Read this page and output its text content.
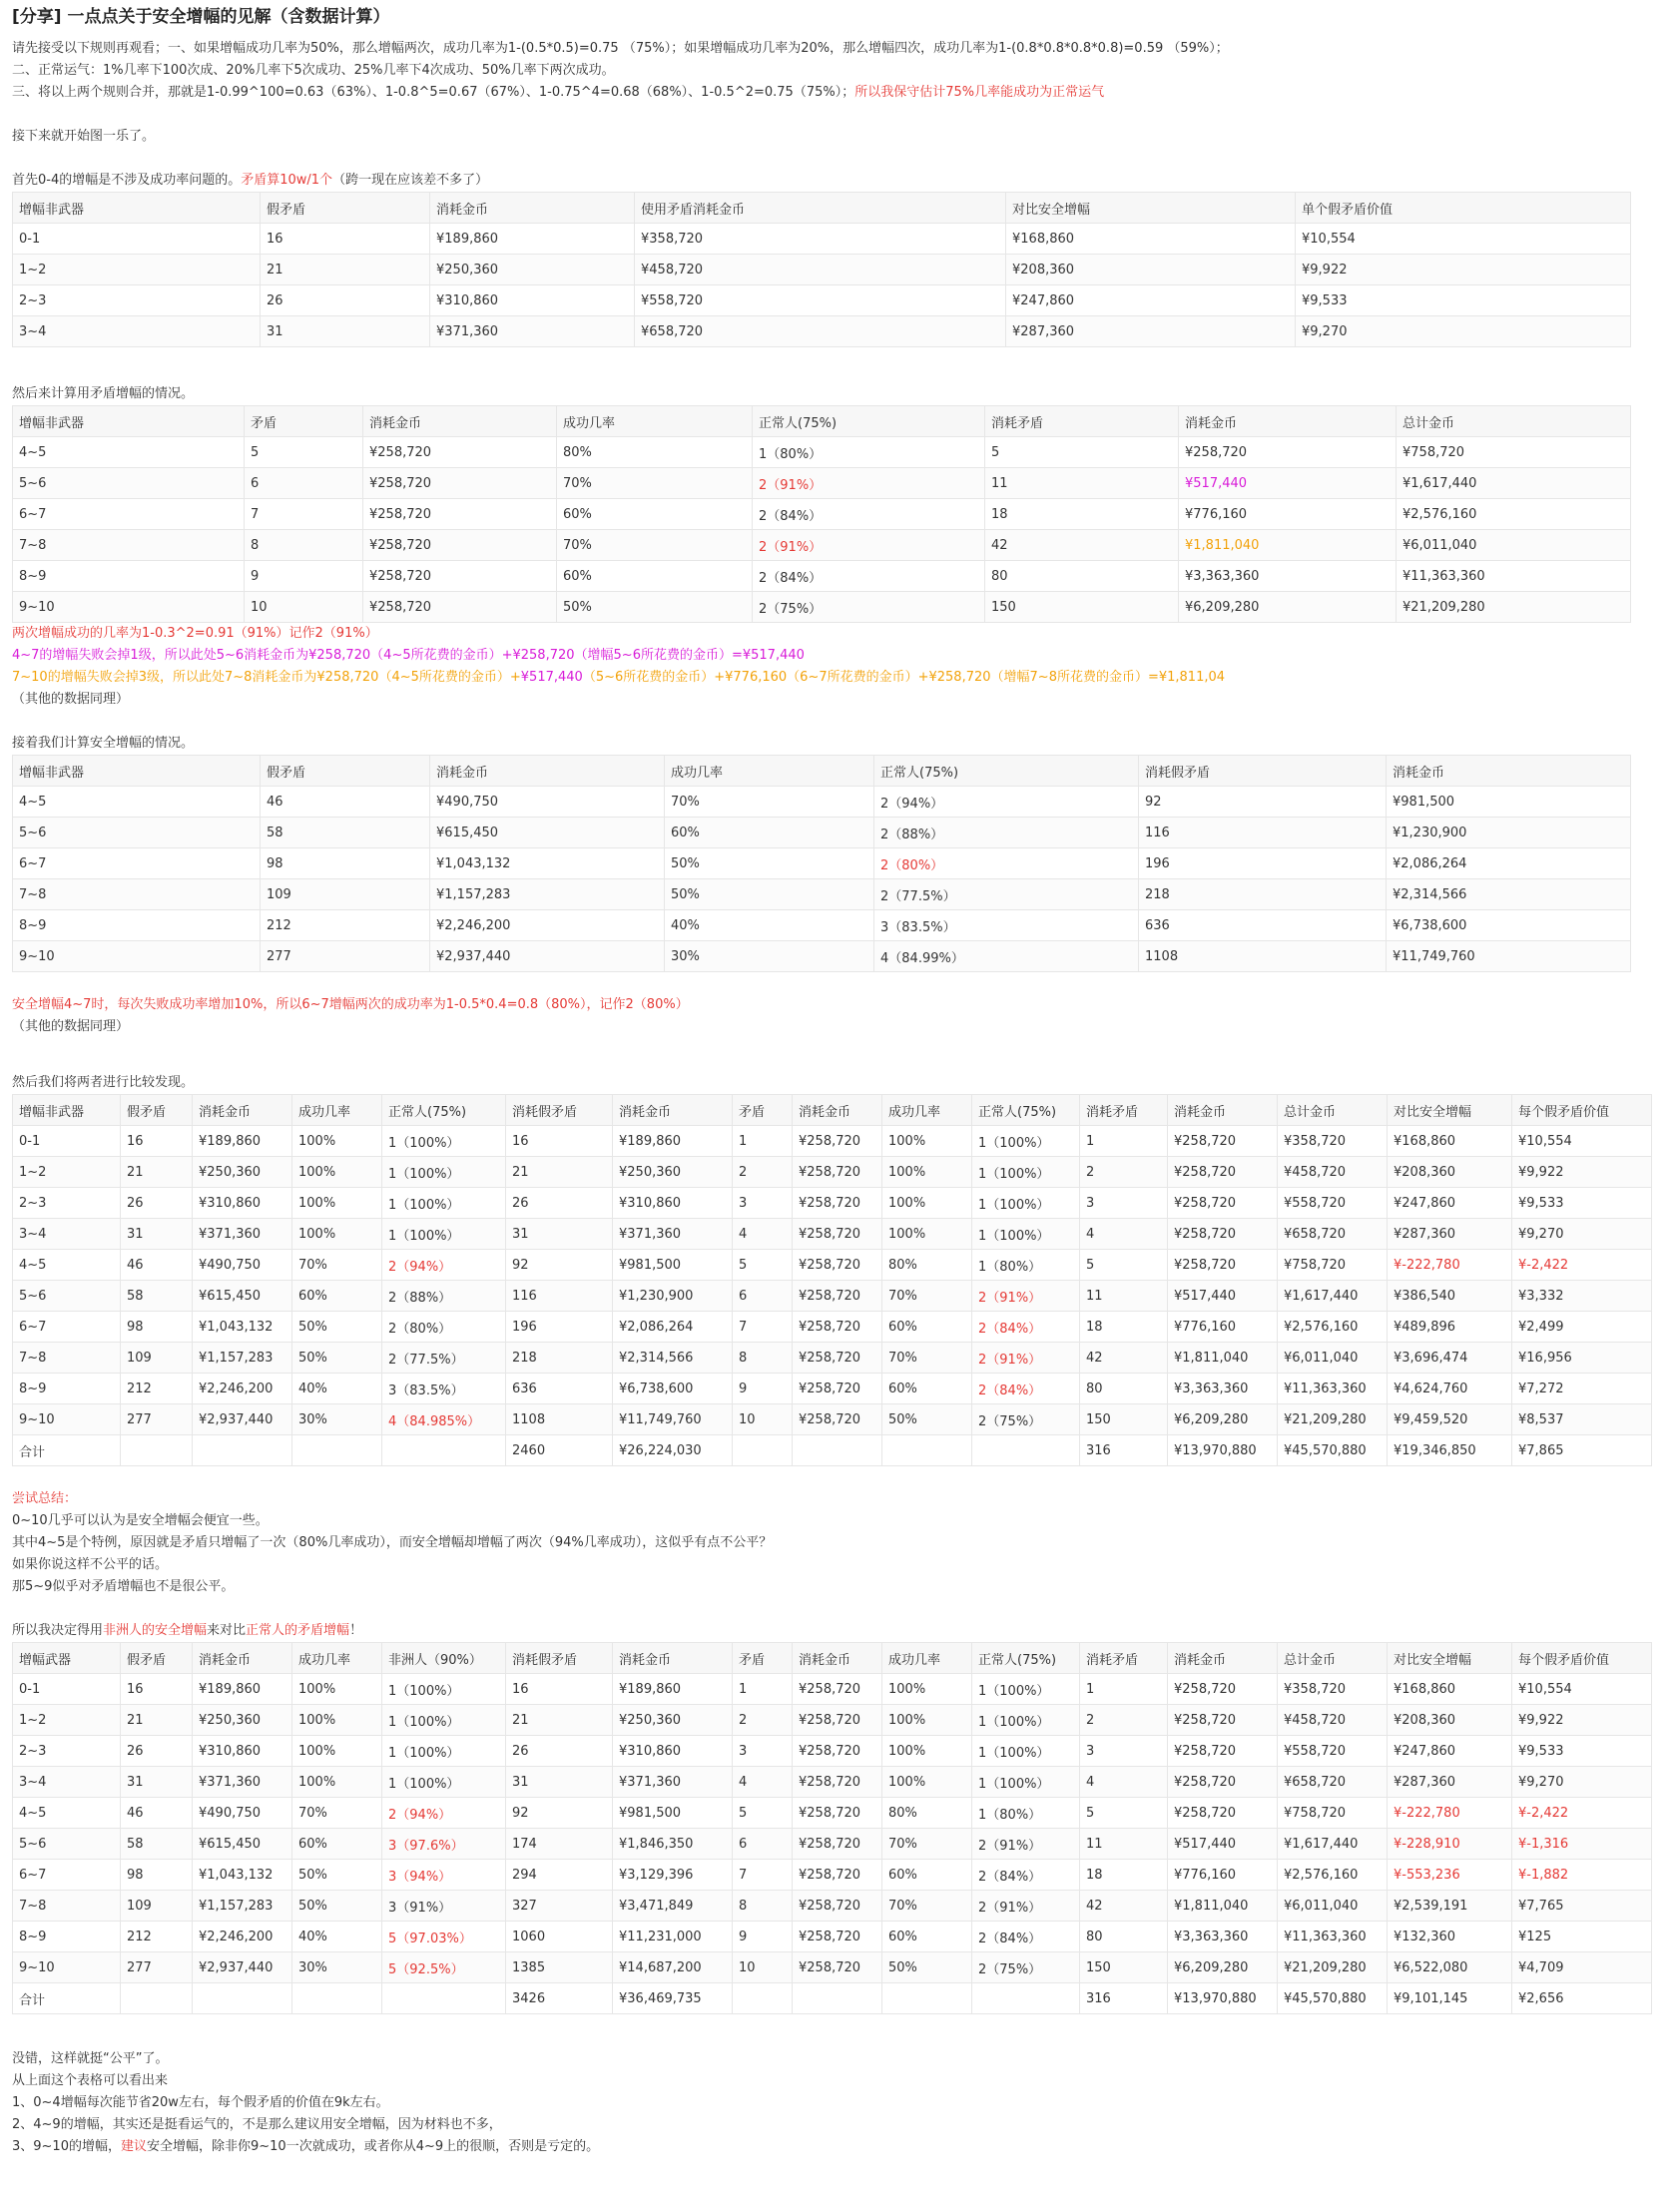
[分享] 一点点关于安全增幅的见解（含数据计算）
请先接受以下规则再观看；一、如果增幅成功几率为50%，那么增幅两次，成功几率为1-(0.5*0.5)=0.75 （75%）；如果增幅成功几率为20%，那么增幅四次，成功几率为1-(0.8*0.8*0.8*0.8)=0.59 （59%）；
二、正常运气：1%几率下100次成、20%几率下5次成功、25%几率下4次成功、50%几率下两次成功。
三、将以上两个规则合并，那就是1-0.99^100=0.63（63%）、1-0.8^5=0.67（67%）、1-0.75^4=0.68（68%）、1-0.5^2=0.75（75%）；所以我保守估计75%几率能成功为正常运气

接下来就开始图一乐了。

首先0-4的增幅是不涉及成功率问题的。矛盾算10w/1个（跨一现在应该差不多了）
增幅非武器	假矛盾	消耗金币	使用矛盾消耗金币	对比安全增幅	单个假矛盾价值
0-1	16	¥189,860	¥358,720	¥168,860	¥10,554
1~2	21	¥250,360	¥458,720	¥208,360	¥9,922
2~3	26	¥310,860	¥558,720	¥247,860	¥9,533
3~4	31	¥371,360	¥658,720	¥287,360	¥9,270

然后来计算用矛盾增幅的情况。
增幅非武器	矛盾	消耗金币	成功几率	正常人(75%)	消耗矛盾	消耗金币	总计金币
4~5	5	¥258,720	80%	1（80%）	5	¥258,720	¥758,720
5~6	6	¥258,720	70%	2（91%）	11	¥517,440	¥1,617,440
6~7	7	¥258,720	60%	2（84%）	18	¥776,160	¥2,576,160
7~8	8	¥258,720	70%	2（91%）	42	¥1,811,040	¥6,011,040
8~9	9	¥258,720	60%	2（84%）	80	¥3,363,360	¥11,363,360
9~10	10	¥258,720	50%	2（75%）	150	¥6,209,280	¥21,209,280
两次增幅成功的几率为1-0.3^2=0.91（91%）记作2（91%）
4~7的增幅失败会掉1级，所以此处5~6消耗金币为¥258,720（4~5所花费的金币）+¥258,720（增幅5~6所花费的金币）=¥517,440
7~10的增幅失败会掉3级，所以此处7~8消耗金币为¥258,720（4~5所花费的金币）+¥517,440（5~6所花费的金币）+¥776,160（6~7所花费的金币）+¥258,720（增幅7~8所花费的金币）=¥1,811,04
（其他的数据同理）

接着我们计算安全增幅的情况。
增幅非武器	假矛盾	消耗金币	成功几率	正常人(75%)	消耗假矛盾	消耗金币
4~5	46	¥490,750	70%	2（94%）	92	¥981,500
5~6	58	¥615,450	60%	2（88%）	116	¥1,230,900
6~7	98	¥1,043,132	50%	2（80%）	196	¥2,086,264
7~8	109	¥1,157,283	50%	2（77.5%）	218	¥2,314,566
8~9	212	¥2,246,200	40%	3（83.5%）	636	¥6,738,600
9~10	277	¥2,937,440	30%	4（84.99%）	1108	¥11,749,760

安全增幅4~7时，每次失败成功率增加10%，所以6~7增幅两次的成功率为1-0.5*0.4=0.8（80%），记作2（80%）
（其他的数据同理）

然后我们将两者进行比较发现。
增幅非武器	假矛盾	消耗金币	成功几率	正常人(75%)	消耗假矛盾	消耗金币	矛盾	消耗金币	成功几率	正常人(75%)	消耗矛盾	消耗金币	总计金币	对比安全增幅	每个假矛盾价值
0-1	16	¥189,860	100%	1（100%）	16	¥189,860	1	¥258,720	100%	1（100%）	1	¥258,720	¥358,720	¥168,860	¥10,554
1~2	21	¥250,360	100%	1（100%）	21	¥250,360	2	¥258,720	100%	1（100%）	2	¥258,720	¥458,720	¥208,360	¥9,922
2~3	26	¥310,860	100%	1（100%）	26	¥310,860	3	¥258,720	100%	1（100%）	3	¥258,720	¥558,720	¥247,860	¥9,533
3~4	31	¥371,360	100%	1（100%）	31	¥371,360	4	¥258,720	100%	1（100%）	4	¥258,720	¥658,720	¥287,360	¥9,270
4~5	46	¥490,750	70%	2（94%）	92	¥981,500	5	¥258,720	80%	1（80%）	5	¥258,720	¥758,720	¥-222,780	¥-2,422
5~6	58	¥615,450	60%	2（88%）	116	¥1,230,900	6	¥258,720	70%	2（91%）	11	¥517,440	¥1,617,440	¥386,540	¥3,332
6~7	98	¥1,043,132	50%	2（80%）	196	¥2,086,264	7	¥258,720	60%	2（84%）	18	¥776,160	¥2,576,160	¥489,896	¥2,499
7~8	109	¥1,157,283	50%	2（77.5%）	218	¥2,314,566	8	¥258,720	70%	2（91%）	42	¥1,811,040	¥6,011,040	¥3,696,474	¥16,956
8~9	212	¥2,246,200	40%	3（83.5%）	636	¥6,738,600	9	¥258,720	60%	2（84%）	80	¥3,363,360	¥11,363,360	¥4,624,760	¥7,272
9~10	277	¥2,937,440	30%	4（84.985%）	1108	¥11,749,760	10	¥258,720	50%	2（75%）	150	¥6,209,280	¥21,209,280	¥9,459,520	¥8,537
合计					2460	¥26,224,030					316	¥13,970,880	¥45,570,880	¥19,346,850	¥7,865

尝试总结：
0~10几乎可以认为是安全增幅会便宜一些。
其中4~5是个特例，原因就是矛盾只增幅了一次（80%几率成功），而安全增幅却增幅了两次（94%几率成功），这似乎有点不公平？
如果你说这样不公平的话。
那5~9似乎对矛盾增幅也不是很公平。

所以我决定得用非洲人的安全增幅来对比正常人的矛盾增幅！
增幅武器	假矛盾	消耗金币	成功几率	非洲人（90%）	消耗假矛盾	消耗金币	矛盾	消耗金币	成功几率	正常人(75%)	消耗矛盾	消耗金币	总计金币	对比安全增幅	每个假矛盾价值
0-1	16	¥189,860	100%	1（100%）	16	¥189,860	1	¥258,720	100%	1（100%）	1	¥258,720	¥358,720	¥168,860	¥10,554
1~2	21	¥250,360	100%	1（100%）	21	¥250,360	2	¥258,720	100%	1（100%）	2	¥258,720	¥458,720	¥208,360	¥9,922
2~3	26	¥310,860	100%	1（100%）	26	¥310,860	3	¥258,720	100%	1（100%）	3	¥258,720	¥558,720	¥247,860	¥9,533
3~4	31	¥371,360	100%	1（100%）	31	¥371,360	4	¥258,720	100%	1（100%）	4	¥258,720	¥658,720	¥287,360	¥9,270
4~5	46	¥490,750	70%	2（94%）	92	¥981,500	5	¥258,720	80%	1（80%）	5	¥258,720	¥758,720	¥-222,780	¥-2,422
5~6	58	¥615,450	60%	3（97.6%）	174	¥1,846,350	6	¥258,720	70%	2（91%）	11	¥517,440	¥1,617,440	¥-228,910	¥-1,316
6~7	98	¥1,043,132	50%	3（94%）	294	¥3,129,396	7	¥258,720	60%	2（84%）	18	¥776,160	¥2,576,160	¥-553,236	¥-1,882
7~8	109	¥1,157,283	50%	3（91%）	327	¥3,471,849	8	¥258,720	70%	2（91%）	42	¥1,811,040	¥6,011,040	¥2,539,191	¥7,765
8~9	212	¥2,246,200	40%	5（97.03%）	1060	¥11,231,000	9	¥258,720	60%	2（84%）	80	¥3,363,360	¥11,363,360	¥132,360	¥125
9~10	277	¥2,937,440	30%	5（92.5%）	1385	¥14,687,200	10	¥258,720	50%	2（75%）	150	¥6,209,280	¥21,209,280	¥6,522,080	¥4,709
合计					3426	¥36,469,735					316	¥13,970,880	¥45,570,880	¥9,101,145	¥2,656

没错，这样就挺“公平”了。
从上面这个表格可以看出来
1、0~4增幅每次能节省20w左右，每个假矛盾的价值在9k左右。
2、4~9的增幅，其实还是挺看运气的，不是那么建议用安全增幅，因为材料也不多，
3、9~10的增幅，建议安全增幅，除非你9~10一次就成功，或者你从4~9上的很顺，否则是亏定的。
